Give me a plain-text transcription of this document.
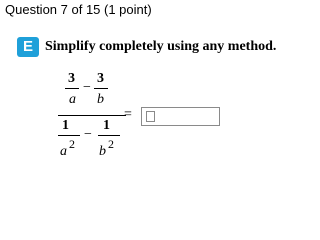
Question 7 of 15 (1 point)
E Simplify completely using any method.
3
a
−
3
b
1
a 2
−
1
b 2
=
